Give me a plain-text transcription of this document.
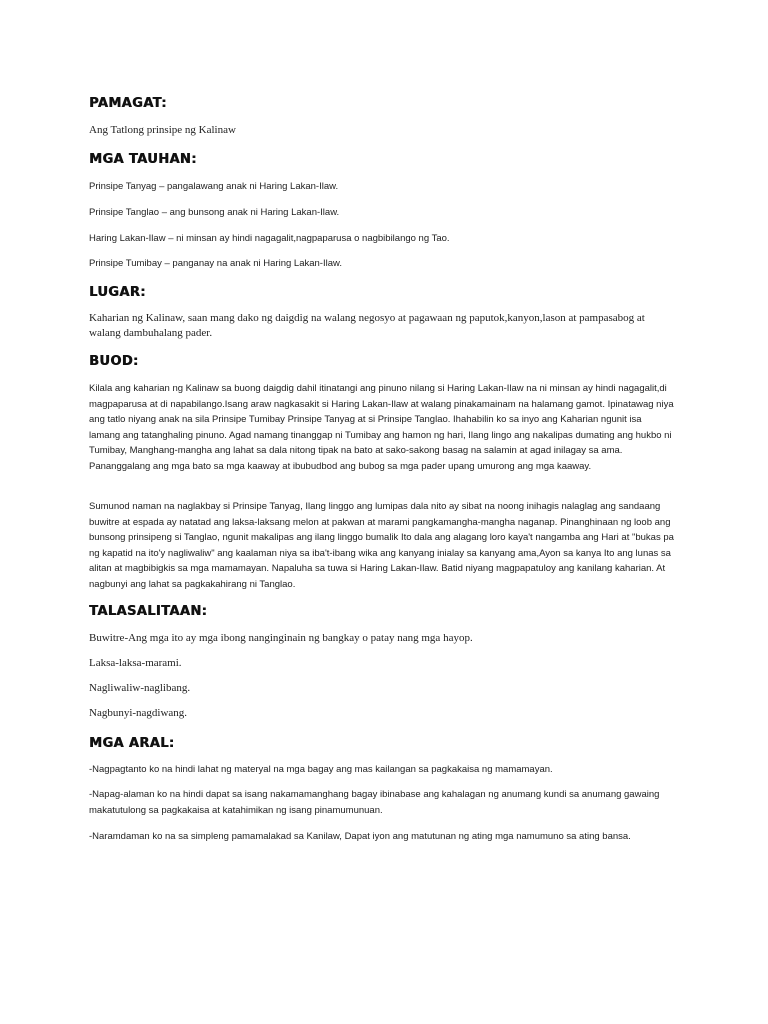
PAMAGAT:

Ang Tatlong prinsipe ng Kalinaw

MGA TAUHAN:

Prinsipe Tanyag – pangalawang anak ni Haring Lakan-Ilaw.

Prinsipe Tanglao – ang bunsong anak ni Haring Lakan-Ilaw.

Haring Lakan-Ilaw – ni minsan ay hindi nagagalit,nagpaparusa o nagbibilango ng Tao.

Prinsipe Tumibay – panganay na anak ni Haring Lakan-Ilaw.

LUGAR:

Kaharian ng Kalinaw, saan mang dako ng daigdig na walang negosyo at pagawaan ng paputok,kanyon,lason at pampasabog at walang dambuhalang pader.

BUOD:

Kilala ang kaharian ng Kalinaw sa buong daigdig dahil itinatangi ang pinuno nilang si Haring Lakan-Ilaw na ni minsan ay hindi nagagalit,di magpaparusa at di napabilango.Isang araw nagkasakit si Haring Lakan-Ilaw at walang pinakamainam na halamang gamot. Ipinatawag niya ang tatlo niyang anak na sila Prinsipe Tumibay Prinsipe Tanyag at si Prinsipe Tanglao. Ihahabilin ko sa inyo ang Kaharian ngunit isa lamang ang tatanghaling pinuno. Agad namang tinanggap ni Tumibay ang hamon ng hari, Ilang lingo ang nakalipas dumating ang hukbo ni Tumibay, Manghang-mangha ang lahat sa dala nitong tipak na bato at sako-sakong basag na salamin at agad inilagay sa ama. Pananggalang ang mga bato sa mga kaaway at ibubudbod ang bubog sa mga pader upang umurong ang mga kaaway.

Sumunod naman na naglakbay si Prinsipe Tanyag, Ilang linggo ang lumipas dala nito ay sibat na noong inihagis nalaglag ang sandaang buwitre at espada ay natatad ang laksa-laksang melon at pakwan at marami pangkamangha-mangha naganap. Pinanghinaan ng loob ang bunsong prinsipeng si Tanglao, ngunit makalipas ang ilang linggo bumalik Ito dala ang alagang loro kaya't nangamba ang Hari at "bukas pa ng kapatid na ito'y nagliwaliw" ang kaalaman niya sa iba't-ibang wika ang kanyang inialay sa kanyang ama,Ayon sa kanya Ito ang lunas sa alitan at magbibigkis sa mga mamamayan. Napaluha sa tuwa si Haring Lakan-Ilaw. Batid niyang magpapatuloy ang kanilang kaharian. At nagbunyi ang lahat sa pagkakahirang ni Tanglao.

TALASALITAAN:

Buwitre-Ang mga ito ay mga ibong nanginginain ng bangkay o patay nang mga hayop.

Laksa-laksa-marami.

Nagliwaliw-naglibang.

Nagbunyi-nagdiwang.

MGA ARAL:

-Nagpagtanto ko na hindi lahat ng materyal na mga bagay ang mas kailangan sa pagkakaisa ng mamamayan.

-Napag-alaman ko na hindi dapat sa isang nakamamanghang bagay ibinabase ang kahalagan ng anumang kundi sa anumang gawaing makatutulong sa pagkakaisa at katahimikan ng isang pinamumunuan.

-Naramdaman ko na sa simpleng pamamalakad sa Kanilaw, Dapat iyon ang matutunan ng ating mga namumuno sa ating bansa.
